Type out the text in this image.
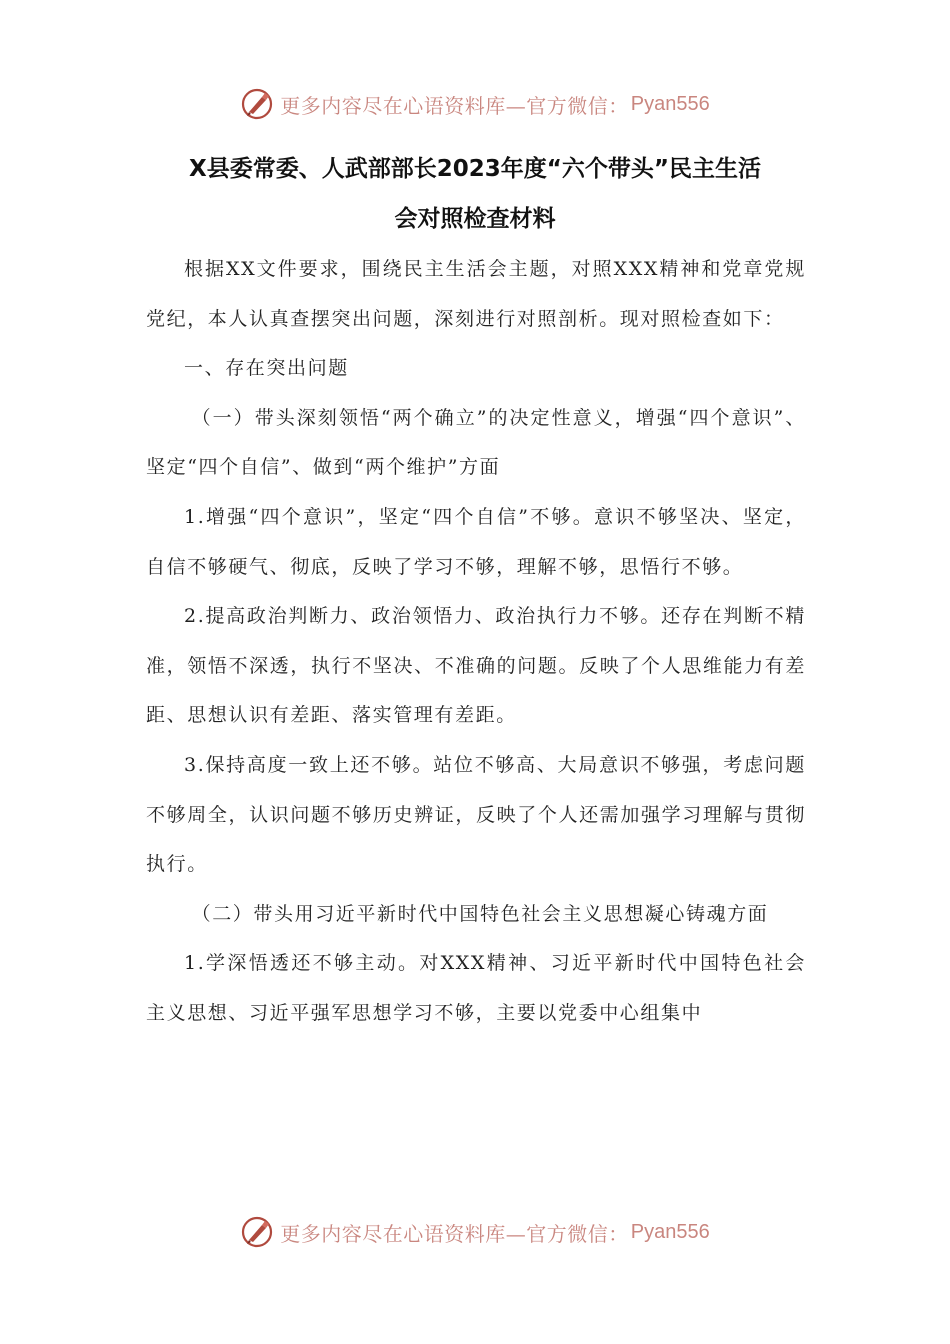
更多内容尽在心语资料库—官方微信： Pyan556
X县委常委、人武部部长2023年度“六个带头”民主生活
会对照检查材料

根据XX文件要求，围绕民主生活会主题，对照XXX精神和党章党规党纪，本人认真查摆突出问题，深刻进行对照剖析。现对照检查如下：

一、存在突出问题

（一）带头深刻领悟“两个确立”的决定性意义，增强“四个意识”、坚定“四个自信”、做到“两个维护”方面

1.增强“四个意识”，坚定“四个自信”不够。意识不够坚决、坚定，自信不够硬气、彻底，反映了学习不够，理解不够，思悟行不够。

2.提高政治判断力、政治领悟力、政治执行力不够。还存在判断不精准，领悟不深透，执行不坚决、不准确的问题。反映了个人思维能力有差距、思想认识有差距、落实管理有差距。

3.保持高度一致上还不够。站位不够高、大局意识不够强，考虑问题不够周全，认识问题不够历史辨证，反映了个人还需加强学习理解与贯彻执行。

（二）带头用习近平新时代中国特色社会主义思想凝心铸魂方面

1.学深悟透还不够主动。对XXX精神、习近平新时代中国特色社会主义思想、习近平强军思想学习不够，主要以党委中心组集中

更多内容尽在心语资料库—官方微信： Pyan556
